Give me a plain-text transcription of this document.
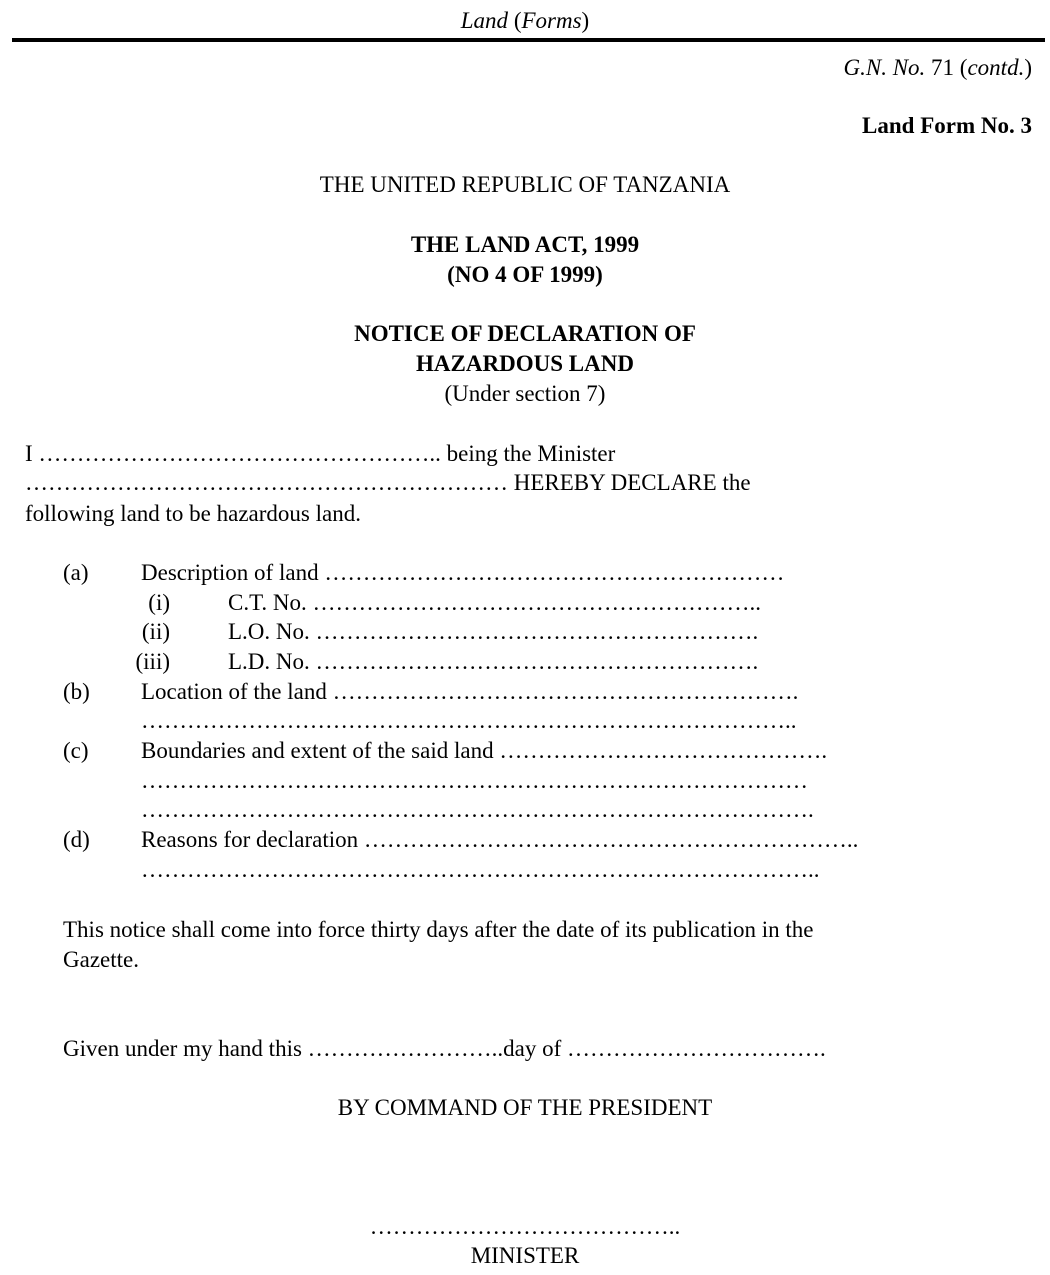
Land (Forms)
G.N. No. 71 (contd.)
Land Form No. 3
THE UNITED REPUBLIC OF TANZANIA
THE LAND ACT, 1999
(NO 4 OF 1999)
NOTICE OF DECLARATION OF
HAZARDOUS LAND
(Under section 7)
I …………………………………………….. being the Minister
……………………………………………………… HEREBY DECLARE the
following land to be hazardous land.
(a) Description of land ……………………………………………………
(i)	C.T. No. …………………………………………………..
(ii)	L.O. No. ………………………………………………….
(iii)	L.D. No. ………………………………………………….
(b) Location of the land …………………………………………………….
…………………………………………………………………………..
(c) Boundaries and extent of the said land …………………………………….
……………………………………………………………………………
…………………………………………………………………………….
(d) Reasons for declaration ………………………………………………………..
……………………………………………………………………………..
This notice shall come into force thirty days after the date of its publication in the
Gazette.
Given under my hand this ……………………..day of …………………………….
BY COMMAND OF THE PRESIDENT
…………………………………..
MINISTER
